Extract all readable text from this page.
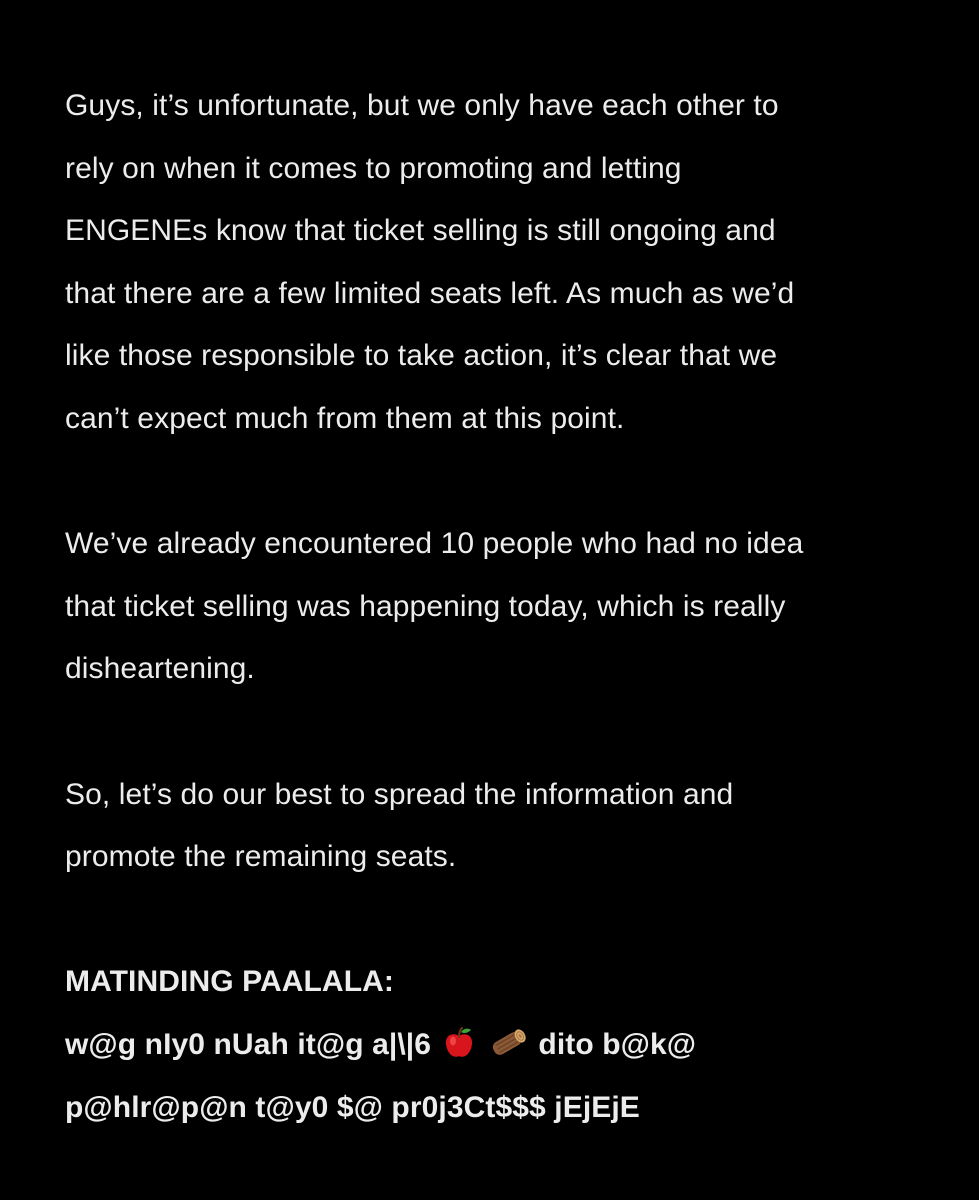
Guys, it’s unfortunate, but we only have each other to
rely on when it comes to promoting and letting
ENGENEs know that ticket selling is still ongoing and
that there are a few limited seats left. As much as we’d
like those responsible to take action, it’s clear that we
can’t expect much from them at this point.

We’ve already encountered 10 people who had no idea
that ticket selling was happening today, which is really
disheartening.

So, let’s do our best to spread the information and
promote the remaining seats.

MATINDING PAALALA:
w@g nIy0 nUah it@g a|\|6
	dito b@k@
p@hlr@p@n t@y0 $@ pr0j3Ct$$$ jEjEjE
